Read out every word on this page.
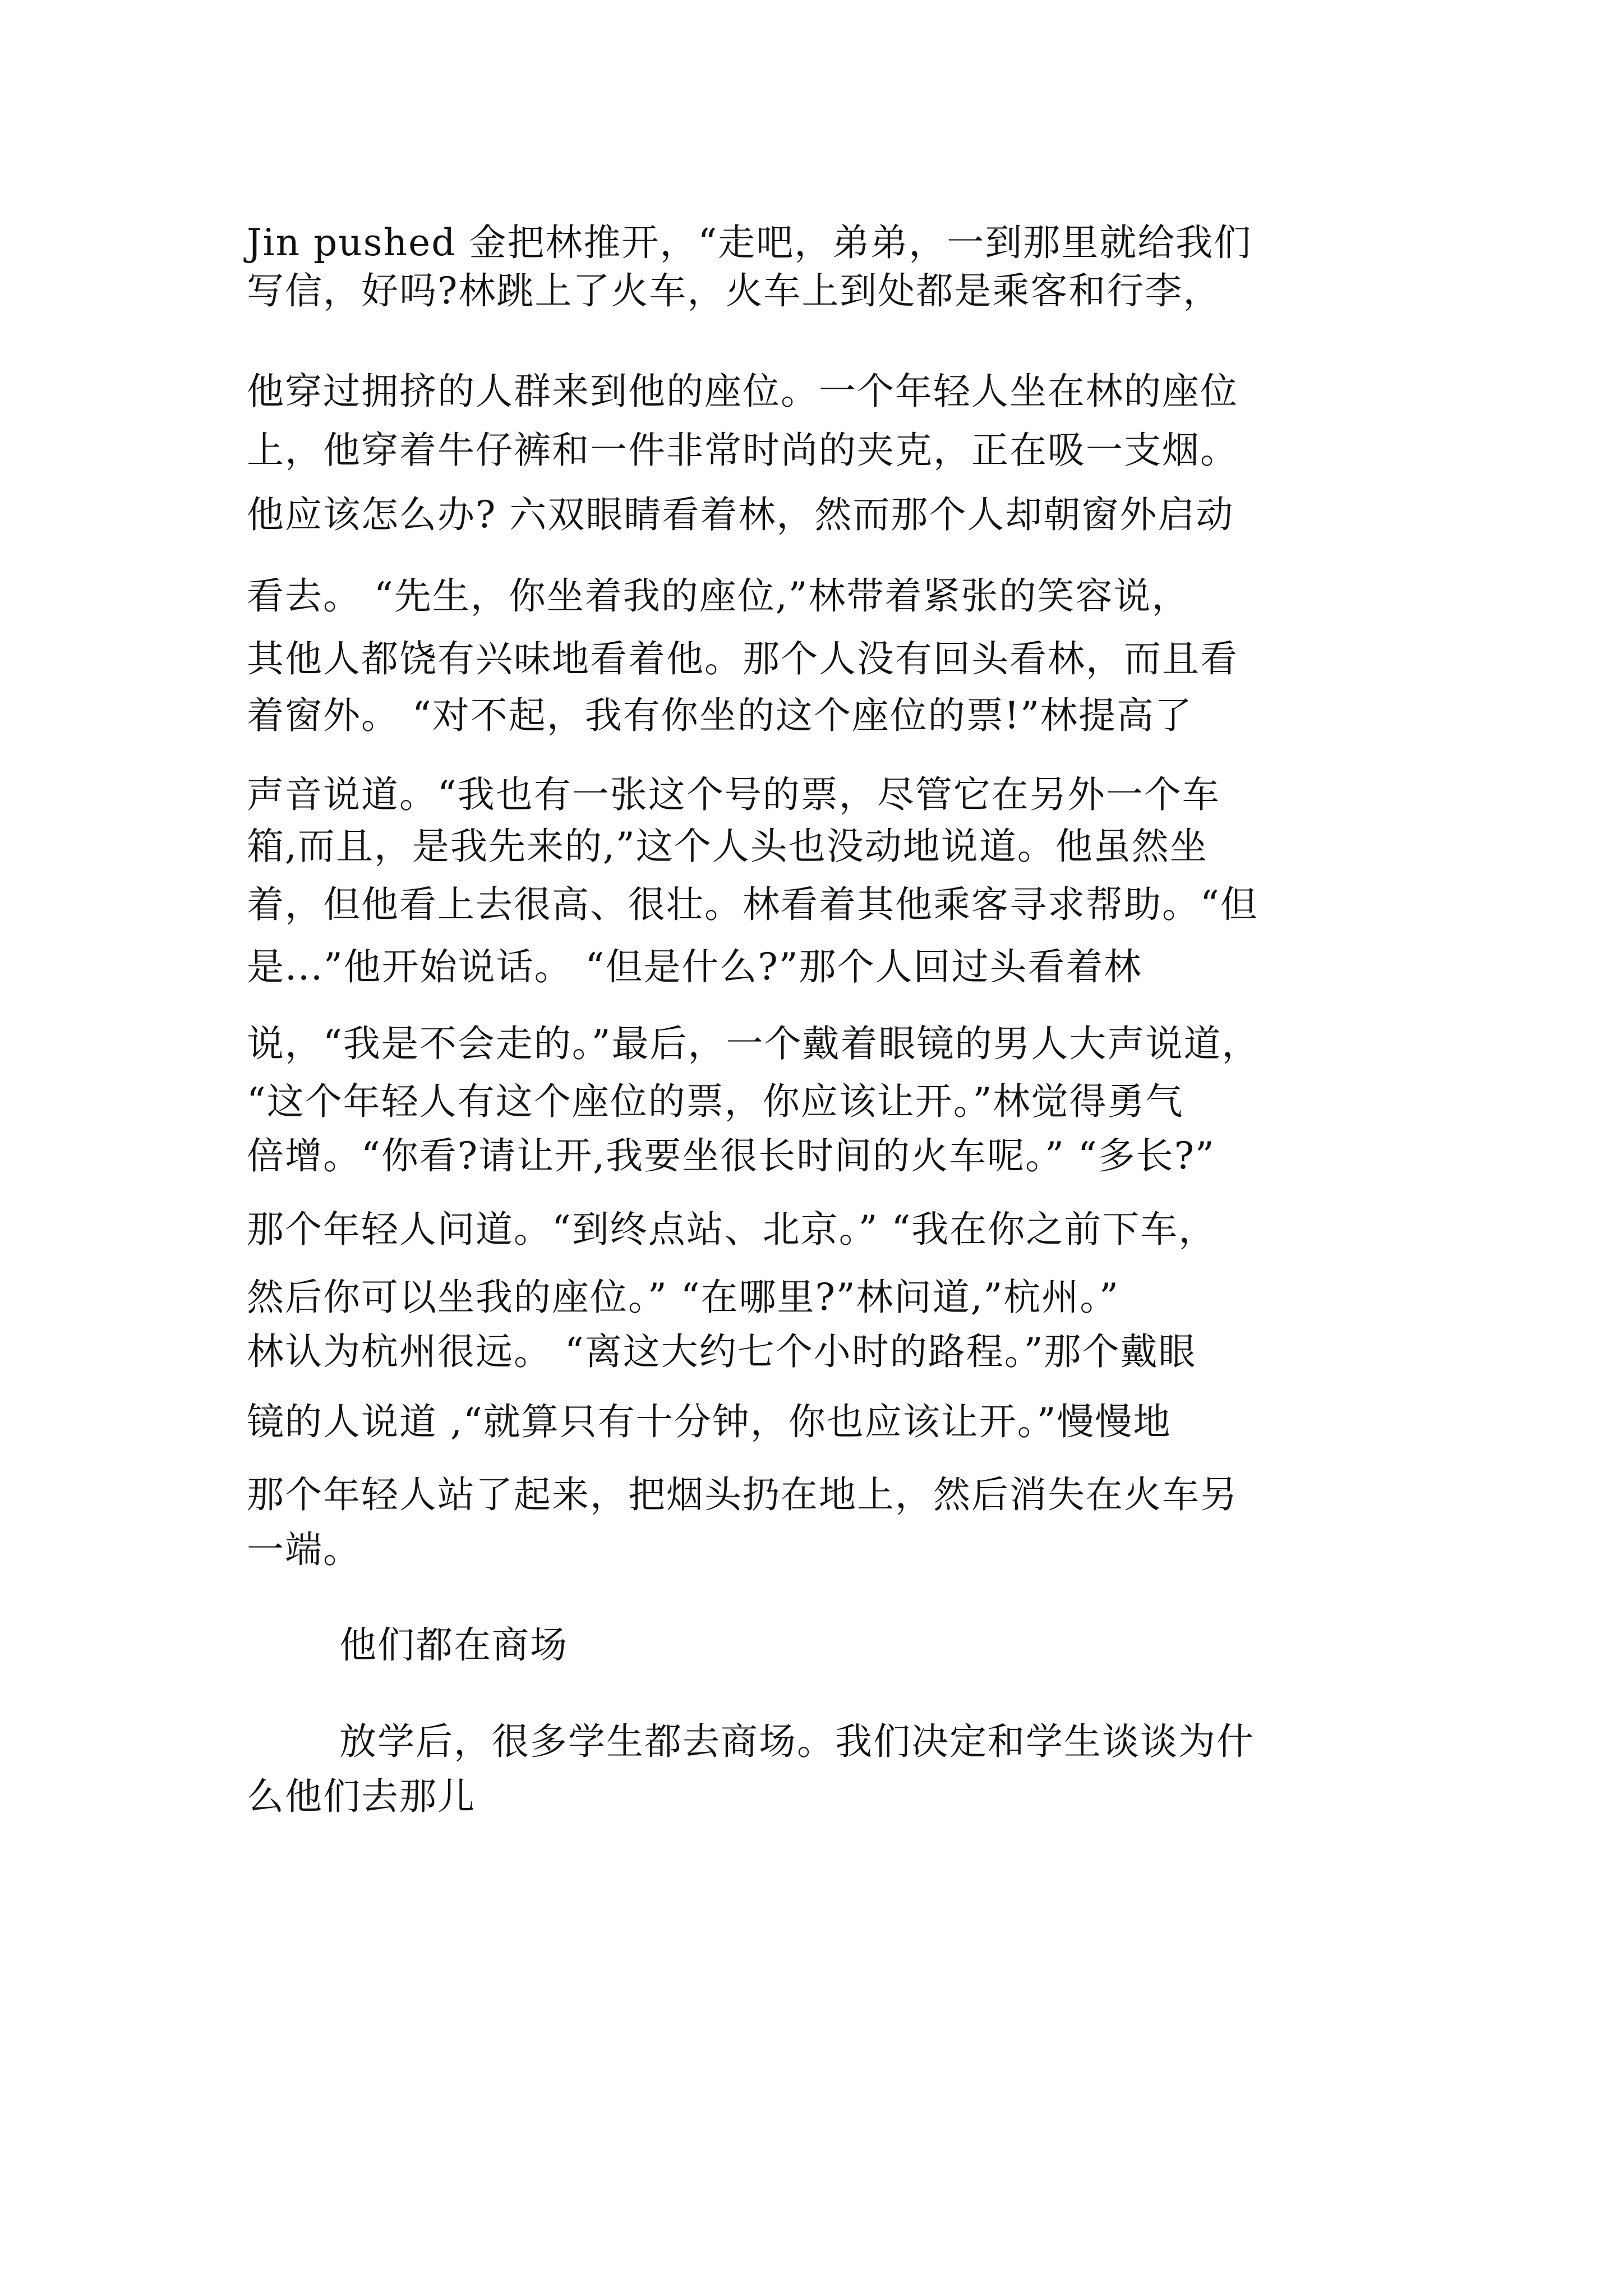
Jin pushed 金把林推开，“走吧，弟弟，一到那里就给我们
写信，好吗?林跳上了火车，火车上到处都是乘客和行李，
他穿过拥挤的人群来到他的座位。一个年轻人坐在林的座位
上，他穿着牛仔裤和一件非常时尚的夹克，正在吸一支烟。
他应该怎么办? 六双眼睛看着林，然而那个人却朝窗外启动
看去。 “先生，你坐着我的座位,”林带着紧张的笑容说，
其他人都饶有兴味地看着他。那个人没有回头看林，而且看
着窗外。 “对不起，我有你坐的这个座位的票!”林提高了
声音说道。“我也有一张这个号的票，尽管它在另外一个车
箱,而且，是我先来的,”这个人头也没动地说道。他虽然坐
着，但他看上去很高、很壮。林看着其他乘客寻求帮助。“但
是...”他开始说话。 “但是什么?”那个人回过头看着林
说，“我是不会走的。”最后，一个戴着眼镜的男人大声说道，
“这个年轻人有这个座位的票，你应该让开。”林觉得勇气
倍增。“你看?请让开,我要坐很长时间的火车呢。” “多长?”
那个年轻人问道。“到终点站、北京。” “我在你之前下车，
然后你可以坐我的座位。” “在哪里?”林问道,”杭州。”
林认为杭州很远。 “离这大约七个小时的路程。”那个戴眼
镜的人说道 ,“就算只有十分钟，你也应该让开。”慢慢地
那个年轻人站了起来，把烟头扔在地上，然后消失在火车另
一端。
他们都在商场
放学后，很多学生都去商场。我们决定和学生谈谈为什
么他们去那儿
